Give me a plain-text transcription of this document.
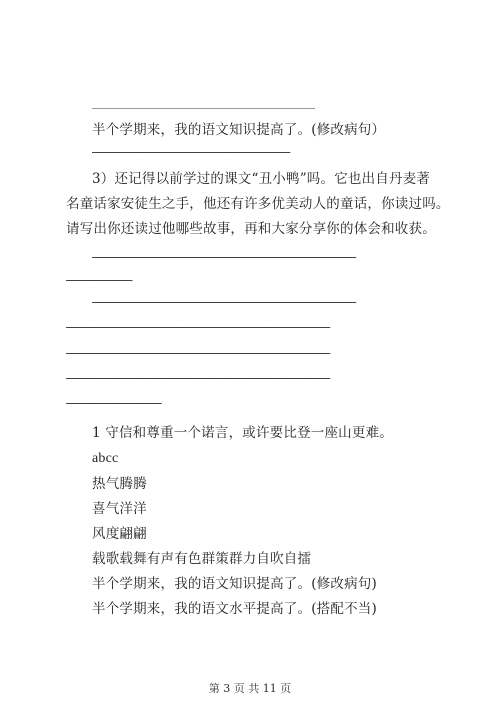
半个学期来，我的语文知识提高了。(修改病句）
———————————————————————————
3）还记得以前学过的课文“丑小鸭”吗。它也出自丹麦著
名童话家安徒生之手，他还有许多优美动人的童话，你读过吗。
请写出你还读过他哪些故事，再和大家分享你的体会和收获。
————————————————————————————————————
—————————
————————————————————————————————————
————————————————————————————————————
————————————————————————————————————
————————————————————————————————————
—————————————
1 守信和尊重一个诺言，或许要比登一座山更难。
abcc
热气腾腾
喜气洋洋
风度翩翩
载歌载舞有声有色群策群力自吹自擂
半个学期来，我的语文知识提高了。(修改病句)
半个学期来，我的语文水平提高了。(搭配不当)
第 3 页 共 11 页
